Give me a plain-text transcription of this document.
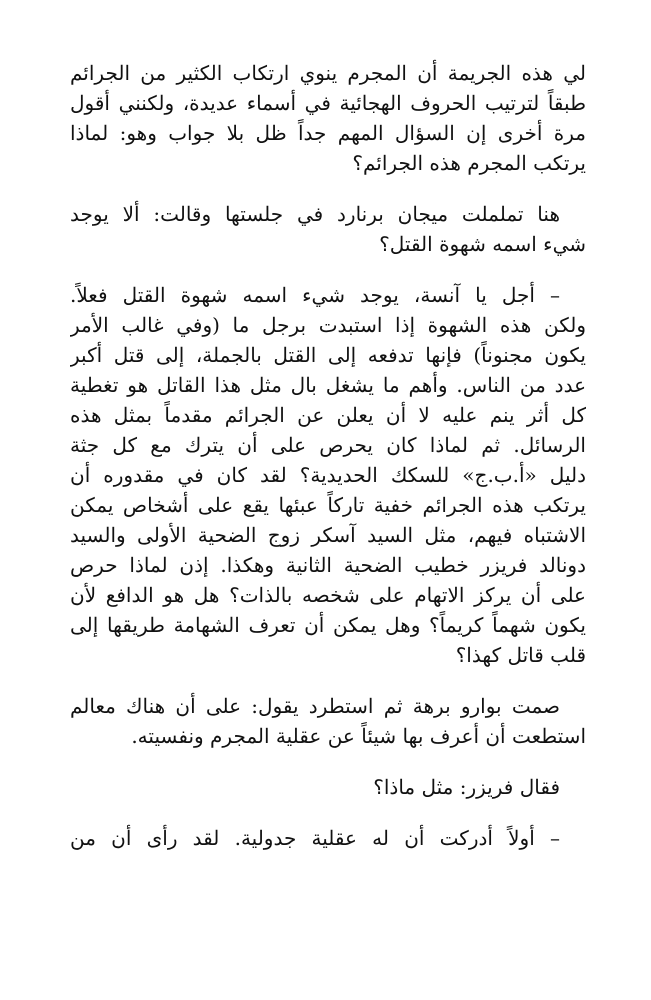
لي هذه الجريمة أن المجرم ينوي ارتكاب الكثير من الجرائم
طبقاً لترتيب الحروف الهجائية في أسماء عديدة، ولكنني أقول
مرة أخرى إن السؤال المهم جداً ظل بلا جواب وهو: لماذا
يرتكب المجرم هذه الجرائم؟
هنا تململت ميجان برنارد في جلستها وقالت: ألا يوجد
شيء اسمه شهوة القتل؟
– أجل يا آنسة، يوجد شيء اسمه شهوة القتل فعلاً.
ولكن هذه الشهوة إذا استبدت برجل ما (وفي غالب الأمر
يكون مجنوناً) فإنها تدفعه إلى القتل بالجملة، إلى قتل أكبر
عدد من الناس. وأهم ما يشغل بال مثل هذا القاتل هو تغطية
كل أثر ينم عليه لا أن يعلن عن الجرائم مقدماً بمثل هذه
الرسائل. ثم لماذا كان يحرص على أن يترك مع كل جثة
دليل «أ.ب.ج» للسكك الحديدية؟ لقد كان في مقدوره أن
يرتكب هذه الجرائم خفية تاركاً عبئها يقع على أشخاص يمكن
الاشتباه فيهم، مثل السيد آسكر زوج الضحية الأولى والسيد
دونالد فريزر خطيب الضحية الثانية وهكذا. إذن لماذا حرص
على أن يركز الاتهام على شخصه بالذات؟ هل هو الدافع لأن
يكون شهماً كريماً؟ وهل يمكن أن تعرف الشهامة طريقها إلى
قلب قاتل كهذا؟
صمت بوارو برهة ثم استطرد يقول: على أن هناك معالم
استطعت أن أعرف بها شيئاً عن عقلية المجرم ونفسيته.
فقال فريزر: مثل ماذا؟
– أولاً أدركت أن له عقلية جدولية. لقد رأى أن من
